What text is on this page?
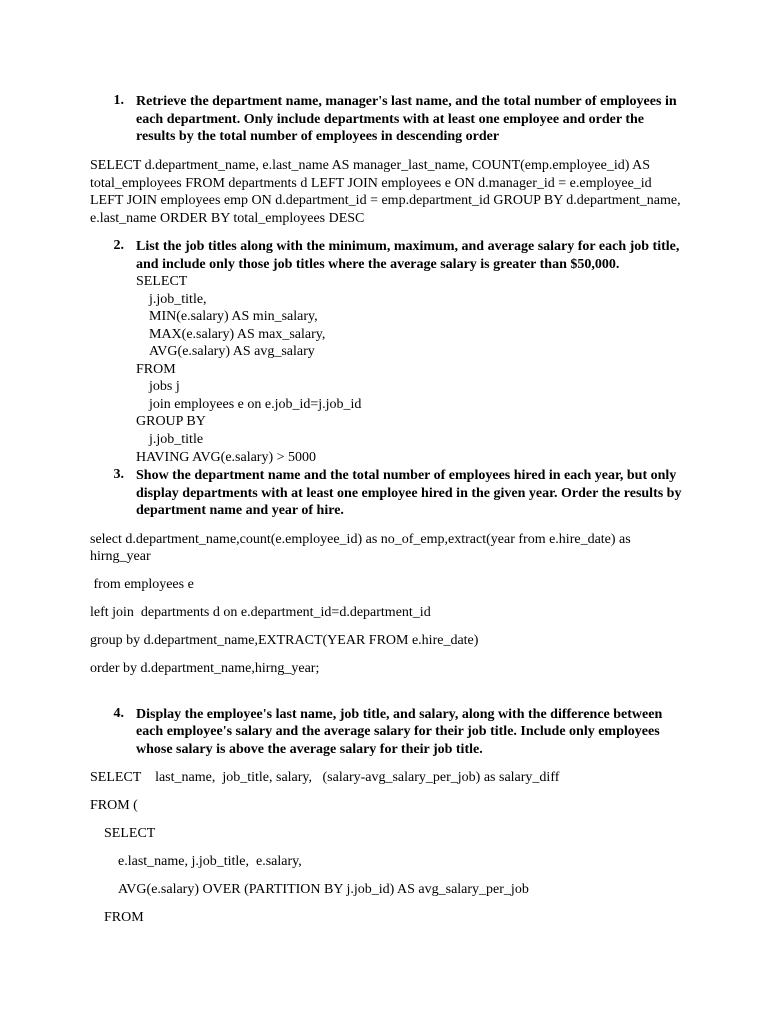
1. Retrieve the department name, manager's last name, and the total number of employees in
each department. Only include departments with at least one employee and order the
results by the total number of employees in descending order
SELECT d.department_name, e.last_name AS manager_last_name, COUNT(emp.employee_id) AS
total_employees FROM departments d LEFT JOIN employees e ON d.manager_id = e.employee_id
LEFT JOIN employees emp ON d.department_id = emp.department_id GROUP BY d.department_name,
e.last_name ORDER BY total_employees DESC
2. List the job titles along with the minimum, maximum, and average salary for each job title,
and include only those job titles where the average salary is greater than $50,000.
SELECT
j.job_title,
MIN(e.salary) AS min_salary,
MAX(e.salary) AS max_salary,
AVG(e.salary) AS avg_salary
FROM
jobs j
join employees e on e.job_id=j.job_id
GROUP BY
j.job_title
HAVING AVG(e.salary) > 5000
3. Show the department name and the total number of employees hired in each year, but only
display departments with at least one employee hired in the given year. Order the results by
department name and year of hire.
select d.department_name,count(e.employee_id) as no_of_emp,extract(year from e.hire_date) as
hirng_year
from employees e
left join  departments d on e.department_id=d.department_id
group by d.department_name,EXTRACT(YEAR FROM e.hire_date)
order by d.department_name,hirng_year;
4. Display the employee's last name, job title, and salary, along with the difference between
each employee's salary and the average salary for their job title. Include only employees
whose salary is above the average salary for their job title.
SELECT    last_name,  job_title, salary,   (salary-avg_salary_per_job) as salary_diff
FROM (
SELECT
e.last_name, j.job_title,  e.salary,
AVG(e.salary) OVER (PARTITION BY j.job_id) AS avg_salary_per_job
FROM
